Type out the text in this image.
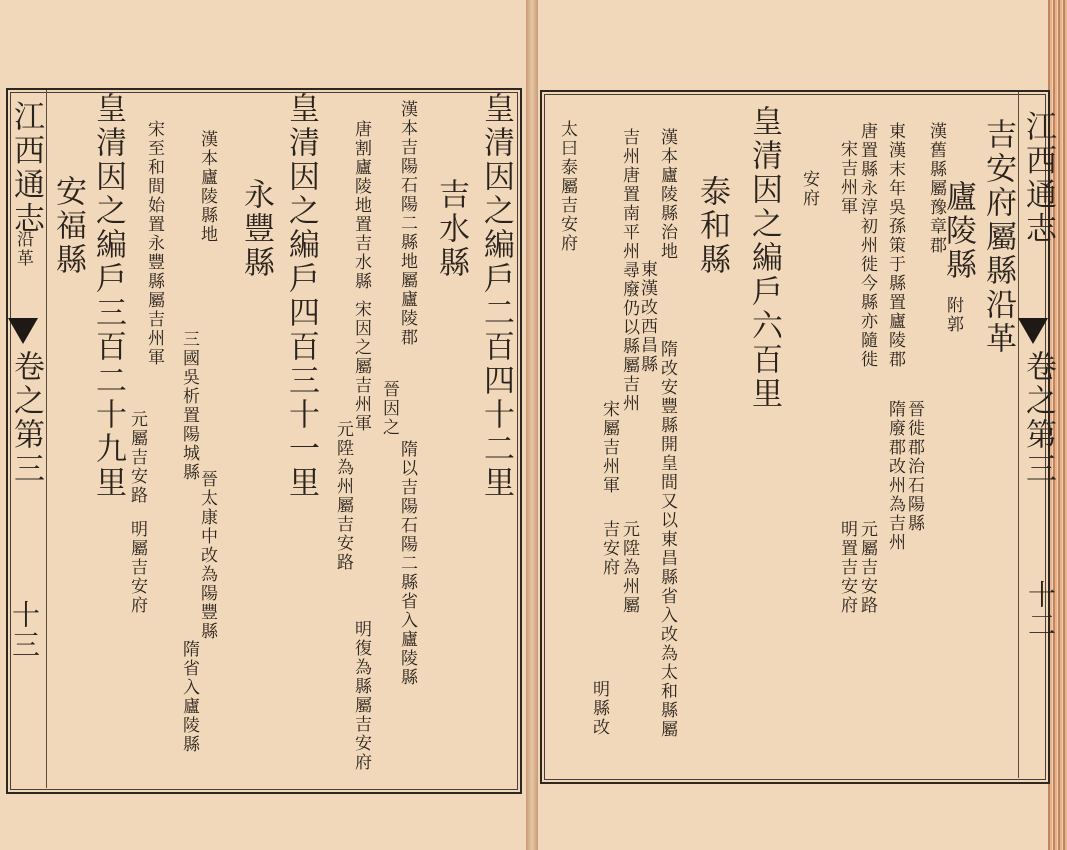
江西通志
卷之第三
十二
吉安府屬縣沿革
廬陵縣
附郭
漢舊縣屬豫章郡
東漢末年吳孫策于縣置廬陵郡
晉徙郡治石陽縣
隋廢郡改州為吉州
唐置縣永淳初州徙今縣亦隨徙
宋吉州軍
元屬吉安路
明置吉安府
安府
皇清因之編戶六百里
泰和縣
漢本廬陵縣治地
東漢改西昌縣
隋改安豐縣開皇間又以東昌縣省入改為太和縣屬
吉州唐置南平州尋廢仍以縣屬吉州
宋屬吉州軍
元陞為州屬
吉安府
明縣改
太曰泰屬吉安府
江西通志
沿革
卷之第三
十三
皇清因之編戶二百四十二里
吉水縣
漢本吉陽石陽二縣地屬廬陵郡
晉因之
隋以吉陽石陽二縣省入廬陵縣
唐割廬陵地置吉水縣
宋因之屬吉州軍
元陞為州屬吉安路
明復為縣屬吉安府
皇清因之編戶四百三十一里
永豐縣
漢本廬陵縣地
三國吳析置陽城縣
晉太康中改為陽豐縣
隋省入廬陵縣
宋至和間始置永豐縣屬吉州軍
元屬吉安路
明屬吉安府
皇清因之編戶三百二十九里
安福縣
